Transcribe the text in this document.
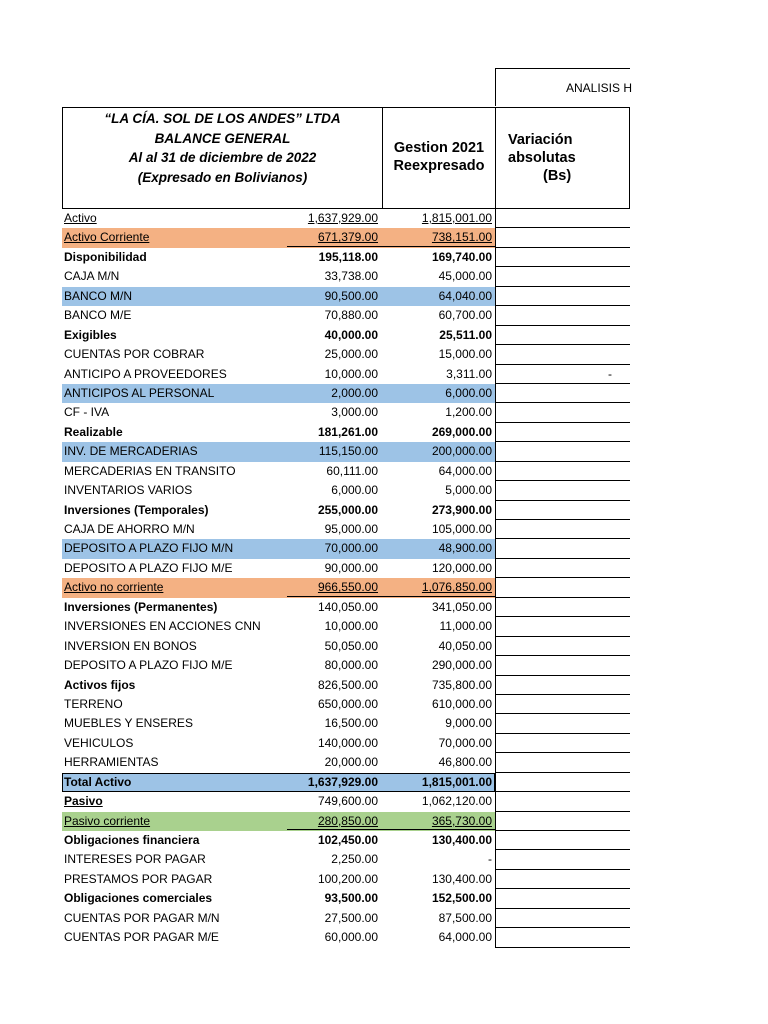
ANALISIS H
“LA CÍA. SOL DE LOS ANDES” LTDA
BALANCE GENERAL
Al al 31 de diciembre de 2022
(Expresado en Bolivianos)
Gestion 2021
Reexpresado
Variación
absolutas
(Bs)
Activo	1,637,929.00	1,815,001.00
Activo Corriente	671,379.00	738,151.00
Disponibilidad	195,118.00	169,740.00
CAJA M/N	33,738.00	45,000.00
BANCO M/N	90,500.00	64,040.00
BANCO M/E	70,880.00	60,700.00
Exigibles	40,000.00	25,511.00
CUENTAS POR COBRAR	25,000.00	15,000.00
ANTICIPO A PROVEEDORES	10,000.00	3,311.00	-
ANTICIPOS AL PERSONAL	2,000.00	6,000.00
CF - IVA	3,000.00	1,200.00
Realizable	181,261.00	269,000.00
INV. DE MERCADERIAS	115,150.00	200,000.00
MERCADERIAS EN TRANSITO	60,111.00	64,000.00
INVENTARIOS VARIOS	6,000.00	5,000.00
Inversiones (Temporales)	255,000.00	273,900.00
CAJA DE AHORRO M/N	95,000.00	105,000.00
DEPOSITO A PLAZO FIJO M/N	70,000.00	48,900.00
DEPOSITO A PLAZO FIJO M/E	90,000.00	120,000.00
Activo no corriente	966,550.00	1,076,850.00
Inversiones (Permanentes)	140,050.00	341,050.00
INVERSIONES EN ACCIONES CNN	10,000.00	11,000.00
INVERSION EN BONOS	50,050.00	40,050.00
DEPOSITO A PLAZO FIJO M/E	80,000.00	290,000.00
Activos fijos	826,500.00	735,800.00
TERRENO	650,000.00	610,000.00
MUEBLES Y ENSERES	16,500.00	9,000.00
VEHICULOS	140,000.00	70,000.00
HERRAMIENTAS	20,000.00	46,800.00
Total Activo	1,637,929.00	1,815,001.00
Pasivo	749,600.00	1,062,120.00
Pasivo corriente	280,850.00	365,730.00
Obligaciones financiera	102,450.00	130,400.00
INTERESES POR PAGAR	2,250.00	-
PRESTAMOS POR PAGAR	100,200.00	130,400.00
Obligaciones comerciales	93,500.00	152,500.00
CUENTAS POR PAGAR M/N	27,500.00	87,500.00
CUENTAS POR PAGAR M/E	60,000.00	64,000.00
